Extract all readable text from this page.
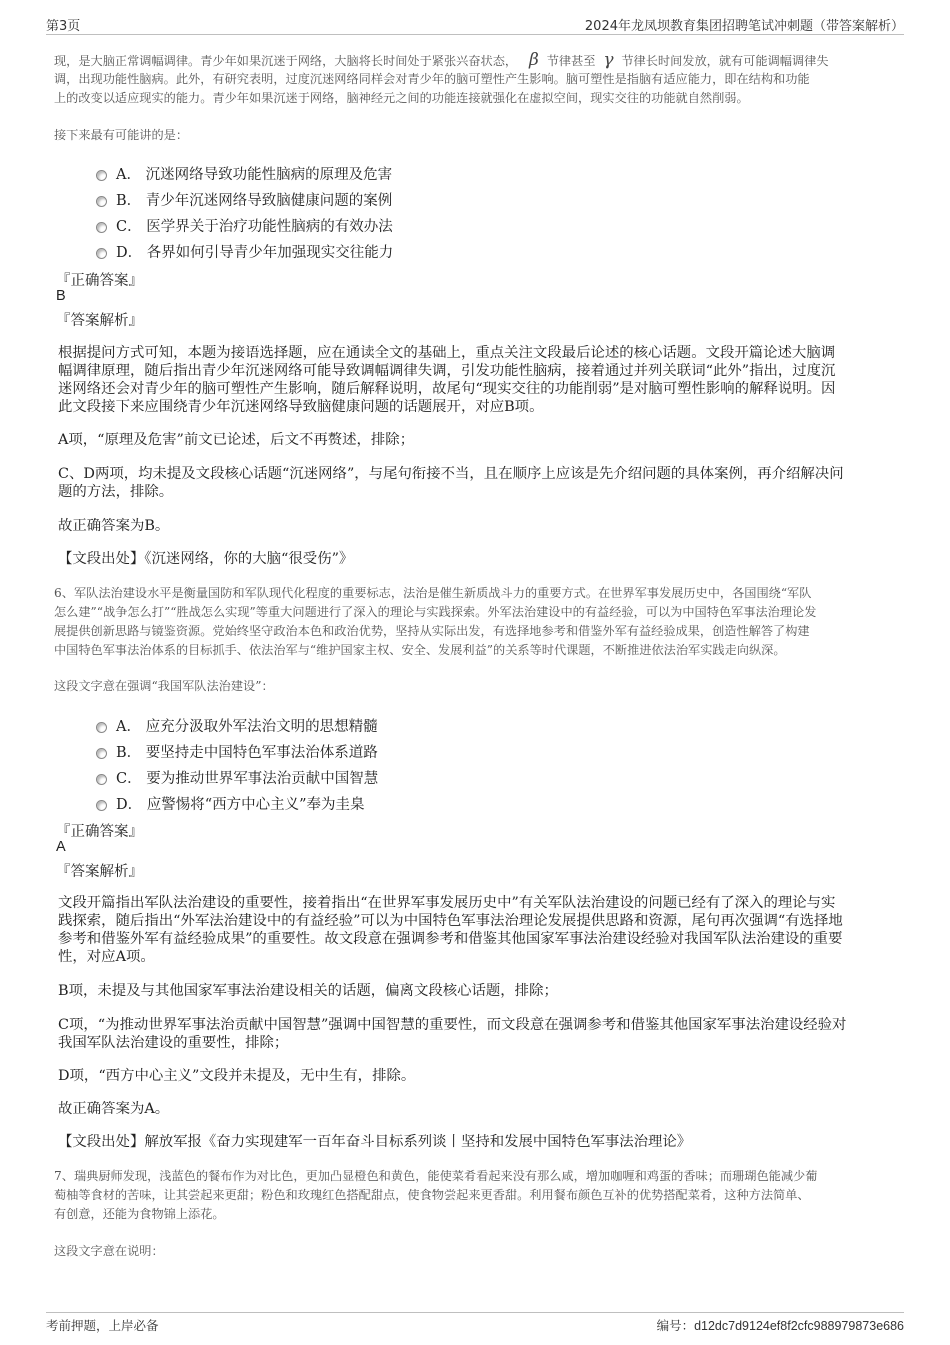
第3页	2024年龙凤坝教育集团招聘笔试冲刺题（带答案解析）
现，是大脑正常调幅调律。青少年如果沉迷于网络，大脑将长时间处于紧张兴奋状态， β 节律甚至 γ 节律长时间发放，就有可能调幅调律失
调，出现功能性脑病。此外，有研究表明，过度沉迷网络同样会对青少年的脑可塑性产生影响。脑可塑性是指脑有适应能力，即在结构和功能
上的改变以适应现实的能力。青少年如果沉迷于网络，脑神经元之间的功能连接就强化在虚拟空间，现实交往的功能就自然削弱。
接下来最有可能讲的是：
A． 沉迷网络导致功能性脑病的原理及危害
B． 青少年沉迷网络导致脑健康问题的案例
C． 医学界关于治疗功能性脑病的有效办法
D． 各界如何引导青少年加强现实交往能力
『正确答案』
B
『答案解析』
根据提问方式可知，本题为接语选择题，应在通读全文的基础上，重点关注文段最后论述的核心话题。文段开篇论述大脑调
幅调律原理，随后指出青少年沉迷网络可能导致调幅调律失调，引发功能性脑病，接着通过并列关联词“此外”指出，过度沉
迷网络还会对青少年的脑可塑性产生影响，随后解释说明，故尾句“现实交往的功能削弱”是对脑可塑性影响的解释说明。因
此文段接下来应围绕青少年沉迷网络导致脑健康问题的话题展开，对应B项。
A项，“原理及危害”前文已论述，后文不再赘述，排除；
C、D两项，均未提及文段核心话题“沉迷网络”，与尾句衔接不当，且在顺序上应该是先介绍问题的具体案例，再介绍解决问
题的方法，排除。
故正确答案为B。
【文段出处】《沉迷网络，你的大脑“很受伤”》
6、军队法治建设水平是衡量国防和军队现代化程度的重要标志，法治是催生新质战斗力的重要方式。在世界军事发展历史中，各国围绕“军队
怎么建”“战争怎么打”“胜战怎么实现”等重大问题进行了深入的理论与实践探索。外军法治建设中的有益经验，可以为中国特色军事法治理论发
展提供创新思路与镜鉴资源。党始终坚守政治本色和政治优势，坚持从实际出发，有选择地参考和借鉴外军有益经验成果，创造性解答了构建
中国特色军事法治体系的目标抓手、依法治军与“维护国家主权、安全、发展利益”的关系等时代课题，不断推进依法治军实践走向纵深。
这段文字意在强调“我国军队法治建设”：
A． 应充分汲取外军法治文明的思想精髓
B． 要坚持走中国特色军事法治体系道路
C． 要为推动世界军事法治贡献中国智慧
D． 应警惕将“西方中心主义”奉为圭臬
『正确答案』
A
『答案解析』
文段开篇指出军队法治建设的重要性，接着指出“在世界军事发展历史中”有关军队法治建设的问题已经有了深入的理论与实
践探索，随后指出“外军法治建设中的有益经验”可以为中国特色军事法治理论发展提供思路和资源，尾句再次强调“有选择地
参考和借鉴外军有益经验成果”的重要性。故文段意在强调参考和借鉴其他国家军事法治建设经验对我国军队法治建设的重要
性，对应A项。
B项，未提及与其他国家军事法治建设相关的话题，偏离文段核心话题，排除；
C项，“为推动世界军事法治贡献中国智慧”强调中国智慧的重要性，而文段意在强调参考和借鉴其他国家军事法治建设经验对
我国军队法治建设的重要性，排除；
D项，“西方中心主义”文段并未提及，无中生有，排除。
故正确答案为A。
【文段出处】解放军报《奋力实现建军一百年奋斗目标系列谈丨坚持和发展中国特色军事法治理论》
7、瑞典厨师发现，浅蓝色的餐布作为对比色，更加凸显橙色和黄色，能使菜肴看起来没有那么咸，增加咖喱和鸡蛋的香味；而珊瑚色能减少葡
萄柚等食材的苦味，让其尝起来更甜；粉色和玫瑰红色搭配甜点，使食物尝起来更香甜。利用餐布颜色互补的优势搭配菜肴，这种方法简单、
有创意，还能为食物锦上添花。
这段文字意在说明：
考前押题，上岸必备	编号：d12dc7d9124ef8f2cfc988979873e686
